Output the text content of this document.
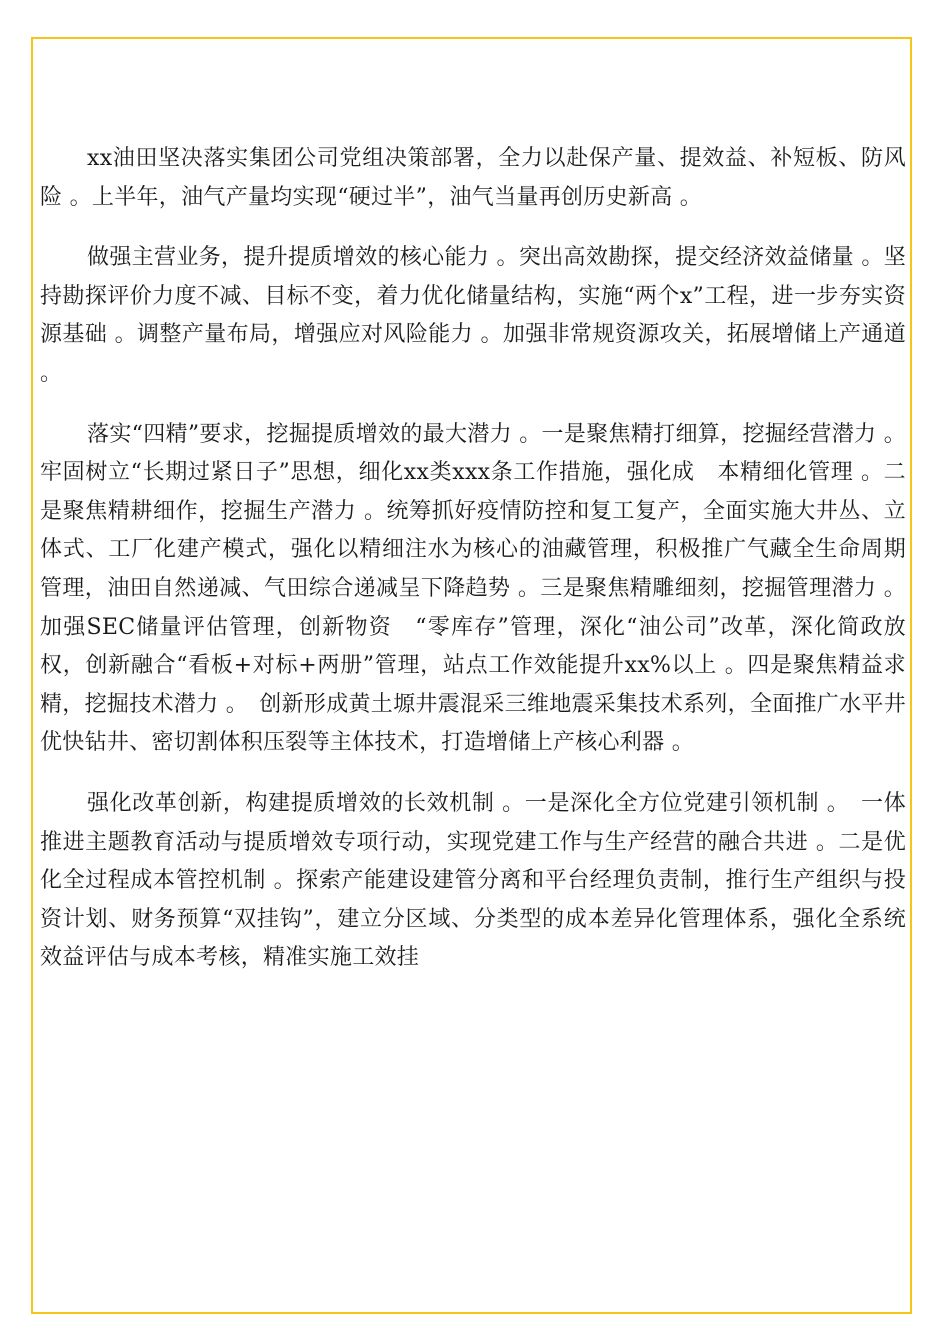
xx油田坚决落实集团公司党组决策部署，全力以赴保产量、提效益、补短板、防风险 。上半年，油气产量均实现“硬过半”，油气当量再创历史新高 。

做强主营业务，提升提质增效的核心能力 。突出高效勘探，提交经济效益储量 。坚持勘探评价力度不减、目标不变，着力优化储量结构，实施“两个x”工程，进一步夯实资源基础 。调整产量布局，增强应对风险能力 。加强非常规资源攻关，拓展增储上产通道 。

落实“四精”要求，挖掘提质增效的最大潜力 。一是聚焦精打细算，挖掘经营潜力 。牢固树立“长期过紧日子”思想，细化xx类xxx条工作措施，强化成　本精细化管理 。二是聚焦精耕细作，挖掘生产潜力 。统筹抓好疫情防控和复工复产，全面实施大井丛、立体式、工厂化建产模式，强化以精细注水为核心的油藏管理，积极推广气藏全生命周期管理，油田自然递减、气田综合递减呈下降趋势 。三是聚焦精雕细刻，挖掘管理潜力 。加强SEC储量评估管理，创新物资　“零库存”管理，深化“油公司”改革，深化简政放权，创新融合“看板+对标+两册”管理，站点工作效能提升xx%以上 。四是聚焦精益求精，挖掘技术潜力 。　创新形成黄土塬井震混采三维地震采集技术系列，全面推广水平井优快钻井、密切割体积压裂等主体技术，打造增储上产核心利器 。

强化改革创新，构建提质增效的长效机制 。一是深化全方位党建引领机制 。　一体推进主题教育活动与提质增效专项行动，实现党建工作与生产经营的融合共进 。二是优化全过程成本管控机制 。探索产能建设建管分离和平台经理负责制，推行生产组织与投资计划、财务预算“双挂钩”，建立分区域、分类型的成本差异化管理体系，强化全系统效益评估与成本考核，精准实施工效挂
